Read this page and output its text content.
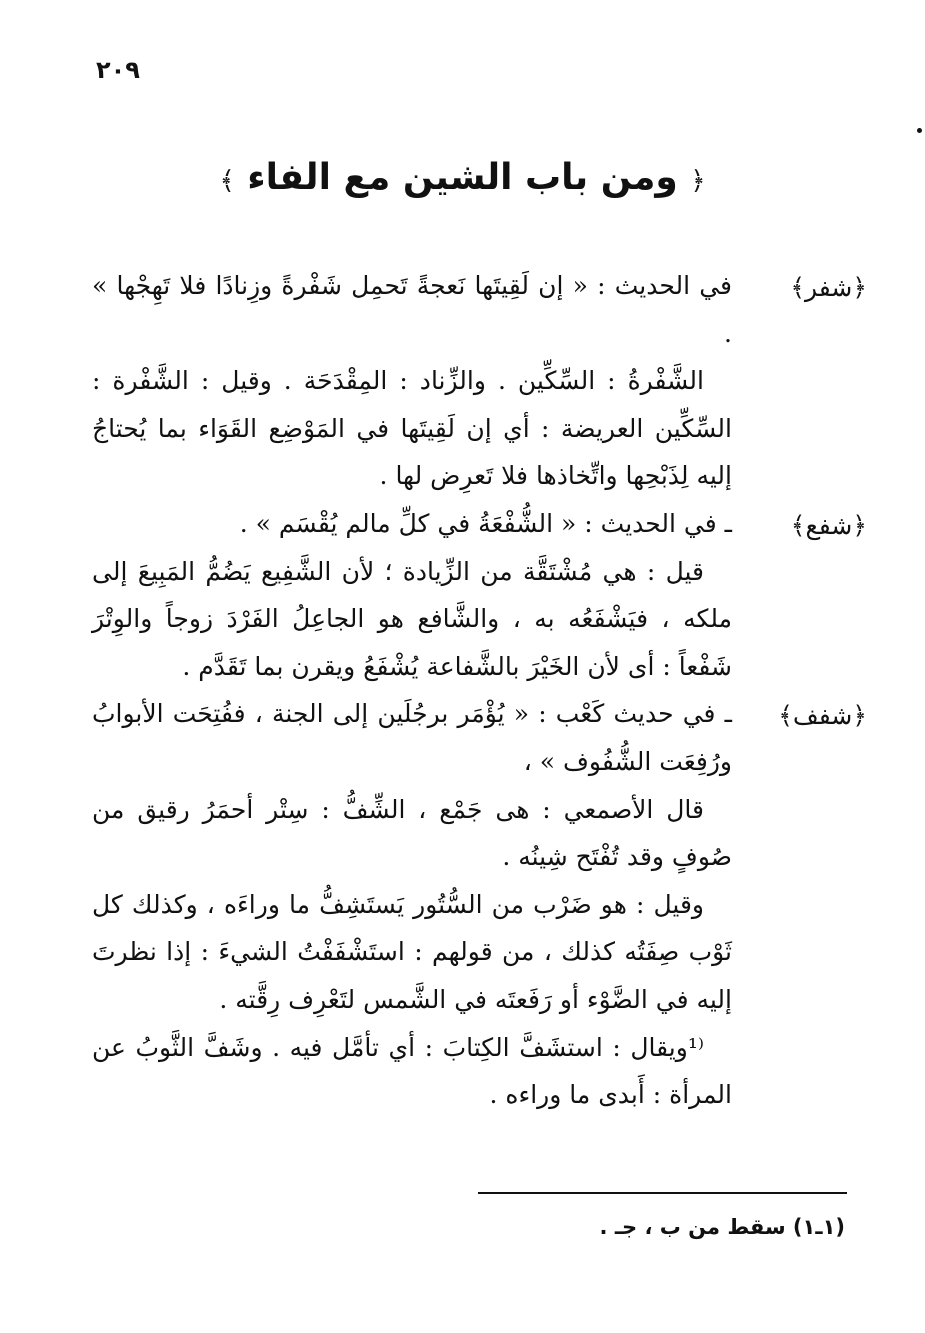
٢٠٩
﴿ ومن باب الشين مع الفاء ﴾
﴿شفر﴾
﴿شفع﴾
﴿شفف﴾

في الحديث : « إن لَقِيتَها نَعجةً تَحمِل شَفْرةً وزِنادًا فلا تَهِجْها » .

الشَّفْرةُ : السِّكِّين . والزِّناد : المِقْدَحَة . وقيل : الشَّفْرة : السِّكِّين العريضة : أي إن لَقِيتَها في المَوْضِع القَوَاء بما يُحتاجُ إليه لِذَبْحِها واتِّخاذها فلا تَعرِض لها .

ـ في الحديث : « الشُّفْعَةُ في كلِّ مالم يُقْسَم » .

قيل : هي مُشْتَقَّة من الزِّيادة ؛ لأن الشَّفِيع يَضُمُّ المَبِيعَ إلى ملكه ، فيَشْفَعُه به ، والشَّافع هو الجاعِلُ الفَرْدَ زوجاً والوِتْرَ شَفْعاً : أى لأن الخَيْرَ بالشَّفاعة يُشْفَعُ ويقرن بما تَقَدَّم .

ـ في حديث كَعْب : « يُؤْمَر برجُلَين إلى الجنة ، ففُتِحَت الأبوابُ ورُفِعَت الشُّفُوف » ،

قال الأصمعي : هى جَمْع ، الشِّفُّ : سِتْر أحمَرُ رقيق من صُوفٍ وقد تُفْتَح شِينُه .

وقيل : هو ضَرْب من السُّتُور يَستَشِفُّ ما وراءَه ، وكذلك كل ثَوْب صِفَتُه كذلك ، من قولهم : استَشْفَفْتُ الشيءَ : إذا نظرتَ إليه في الضَّوْء أو رَفَعتَه في الشَّمس لتَعْرِف رِقَّته .

⁽¹ويقال : استشَفَّ الكِتابَ : أي تأمَّل فيه . وشَفَّ الثَّوبُ عن المرأة : أَبدى ما وراءه .

(١ـ١) سقط من ب ، جـ .
